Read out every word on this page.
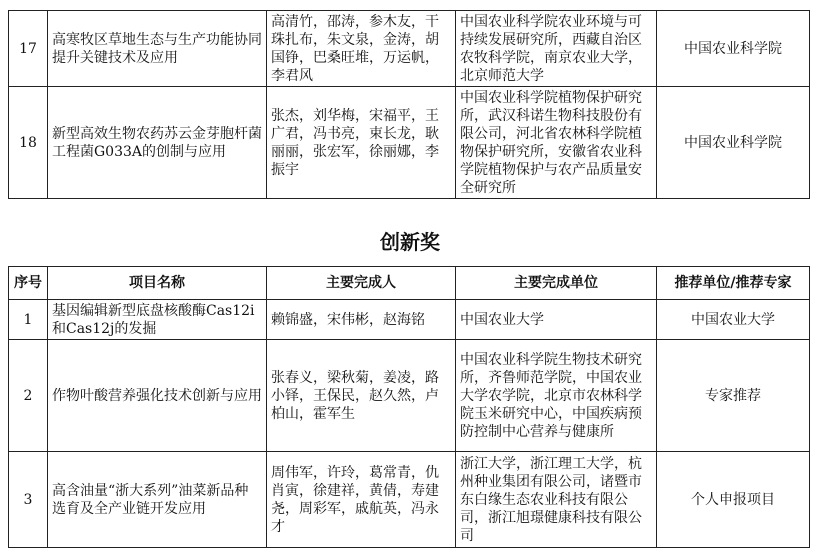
17	高寒牧区草地生态与生产功能协同提升关键技术及应用	高清竹，邵涛，参木友，干珠扎布，朱文泉，金涛，胡国铮，巴桑旺堆，万运帆，李君风	中国农业科学院农业环境与可持续发展研究所，西藏自治区农牧科学院，南京农业大学，北京师范大学	中国农业科学院
18	新型高效生物农药苏云金芽胞杆菌工程菌G033A的创制与应用	张杰，刘华梅，宋福平，王广君，冯书亮，束长龙，耿丽丽，张宏军，徐丽娜，李振宇	中国农业科学院植物保护研究所，武汉科诺生物科技股份有限公司，河北省农林科学院植物保护研究所，安徽省农业科学院植物保护与农产品质量安全研究所	中国农业科学院
创新奖
序号	项目名称	主要完成人	主要完成单位	推荐单位/推荐专家
1	基因编辑新型底盘核酸酶Cas12i和Cas12j的发掘	赖锦盛，宋伟彬，赵海铭	中国农业大学	中国农业大学
2	作物叶酸营养强化技术创新与应用	张春义，梁秋菊，姜凌，路小铎，王保民，赵久然，卢柏山，霍军生	中国农业科学院生物技术研究所，齐鲁师范学院，中国农业大学农学院，北京市农林科学院玉米研究中心，中国疾病预防控制中心营养与健康所	专家推荐
3	高含油量“浙大系列”油菜新品种选育及全产业链开发应用	周伟军，许玲，葛常青，仇肖寅，徐建祥，黄倩，寿建尧，周彩军，戚航英，冯永才	浙江大学，浙江理工大学，杭州种业集团有限公司，诸暨市东白缘生态农业科技有限公司，浙江旭璟健康科技有限公司	个人申报项目
